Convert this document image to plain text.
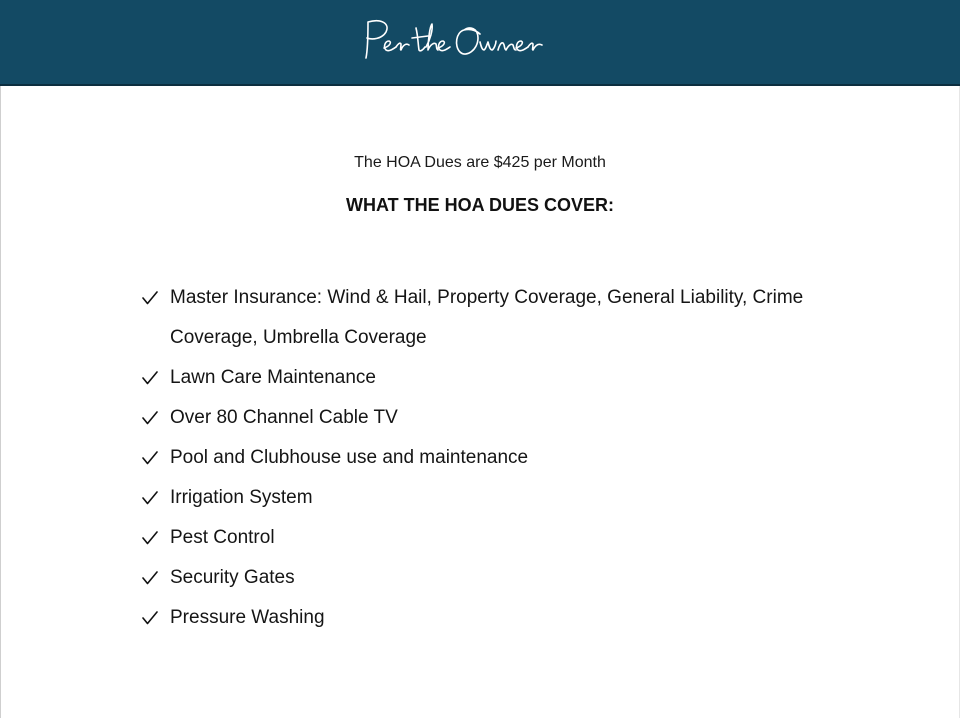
The HOA Dues are $425 per Month
WHAT THE HOA DUES COVER:
Master Insurance: Wind & Hail, Property Coverage, General Liability, Crime Coverage, Umbrella Coverage
Lawn Care Maintenance
Over 80 Channel Cable TV
Pool and Clubhouse use and maintenance
Irrigation System
Pest Control
Security Gates
Pressure Washing
